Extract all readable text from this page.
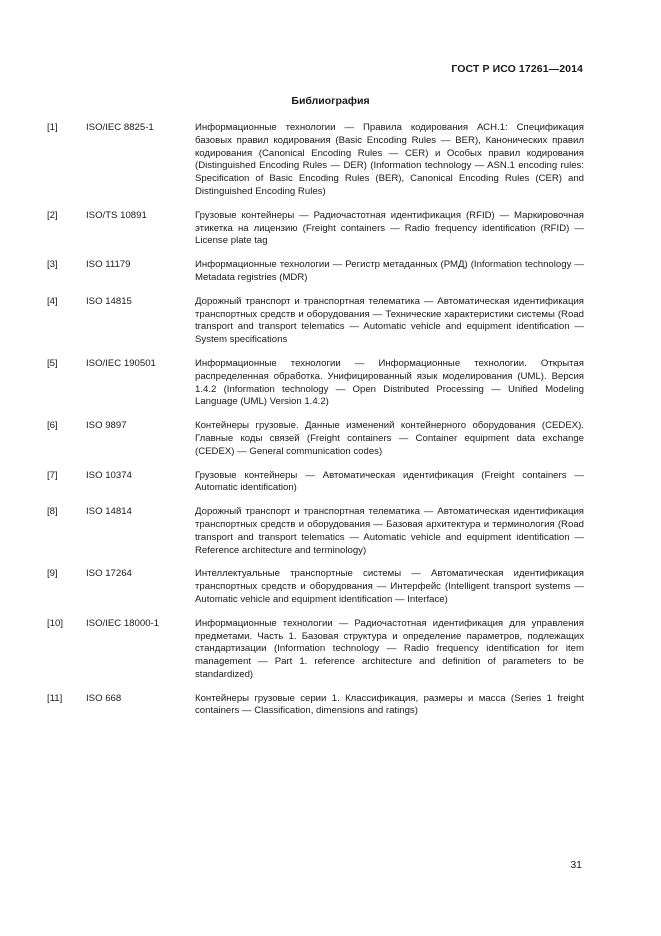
ГОСТ Р ИСО 17261—2014
Библиография
[1]	ISO/IEC 8825-1	Информационные технологии — Правила кодирования АСН.1: Спецификация базовых правил кодирования (Basic Encoding Rules — BER), Канонических правил кодирования (Canonical Encoding Rules — CER) и Особых правил кодирования (Distinguished Encoding Rules — DER) (Information technology — ASN.1 encoding rules: Specification of Basic Encoding Rules (BER), Canonical Encoding Rules (CER) and Distinguished Encoding Rules)
[2]	ISO/TS 10891	Грузовые контейнеры — Радиочастотная идентификация (RFID) — Маркировочная этикетка на лицензию (Freight containers — Radio frequency identification (RFID) — License plate tag
[3]	ISO 11179	Информационные технологии — Регистр метаданных (РМД) (Information technology — Metadata registries (MDR)
[4]	ISO 14815	Дорожный транспорт и транспортная телематика — Автоматическая идентификация транспортных средств и оборудования — Технические характеристики системы (Road transport and transport telematics — Automatic vehicle and equipment identification — System specifications
[5]	ISO/IEC 190501	Информационные технологии — Информационные технологии. Открытая распределенная обработка. Унифицированный язык моделирования (UML). Версия 1.4.2 (Information technology — Open Distributed Processing — Unified Modeling Language (UML) Version 1.4.2)
[6]	ISO 9897	Контейнеры грузовые. Данные изменений контейнерного оборудования (CEDEX). Главные коды связей (Freight containers — Container equipment data exchange (CEDEX) — General communication codes)
[7]	ISO 10374	Грузовые контейнеры — Автоматическая идентификация (Freight containers — Automatic identification)
[8]	ISO 14814	Дорожный транспорт и транспортная телематика — Автоматическая идентификация транспортных средств и оборудования — Базовая архитектура и терминология (Road transport and transport telematics — Automatic vehicle and equipment identification — Reference architecture and terminology)
[9]	ISO 17264	Интеллектуальные транспортные системы — Автоматическая идентификация транспортных средств и оборудования — Интерфейс (Intelligent transport systems — Automatic vehicle and equipment identification — Interface)
[10]	ISO/IEC 18000-1	Информационные технологии — Радиочастотная идентификация для управления предметами. Часть 1. Базовая структура и определение параметров, подлежащих стандартизации (Information technology — Radio frequency identification for item management — Part 1. reference architecture and definition of parameters to be standardized)
[11]	ISO 668	Контейнеры грузовые серии 1. Классификация, размеры и масса (Series 1 freight containers — Classification, dimensions and ratings)
31
